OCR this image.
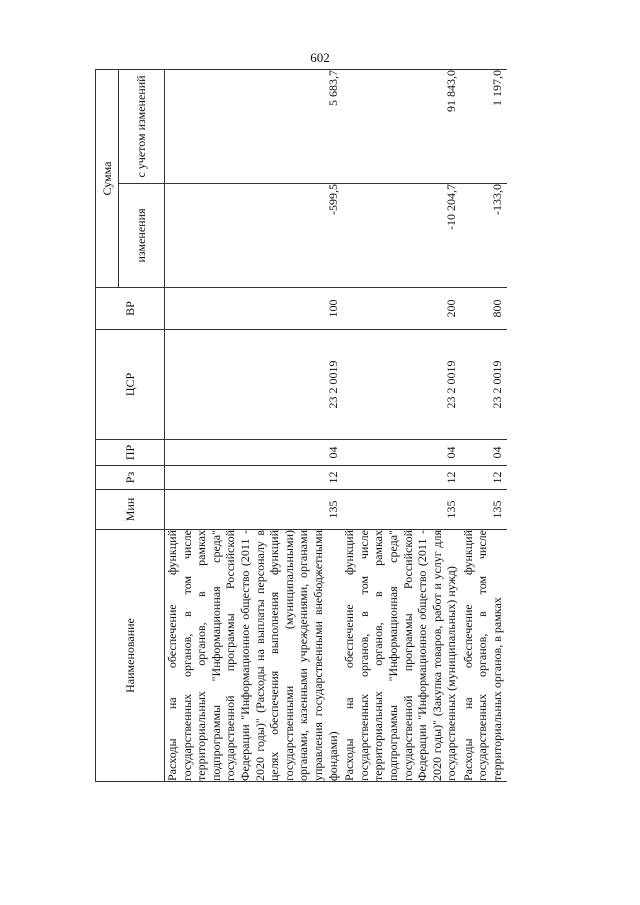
602
Наименование	Мин	Рз	ПР	ЦСР	ВР	Сумма	
						изменения	с учетом изменений
Расходы на обеспечение функций государственных органов, в том числе территориальных органов, в рамках подпрограммы "Информационная среда" государственной программы Российской Федерации "Информационное общество (2011 - 2020 годы)" (Расходы на выплаты персоналу в целях обеспечения выполнения функций государственными (муниципальными) органами, казенными учреждениями, органами управления государственными внебюджетными фондами)	135	12	04	23 2 0019	100	-599,5	5 683,7
Расходы на обеспечение функций государственных органов, в том числе территориальных органов, в рамках подпрограммы "Информационная среда" государственной программы Российской Федерации "Информационное общество (2011 - 2020 годы)" (Закупка товаров, работ и услуг для государственных (муниципальных) нужд)	135	12	04	23 2 0019	200	-10 204,7	91 843,0
Расходы на обеспечение функций государственных органов, в том числе территориальных органов, в рамках	135	12	04	23 2 0019	800	-133,0	1 197,0
